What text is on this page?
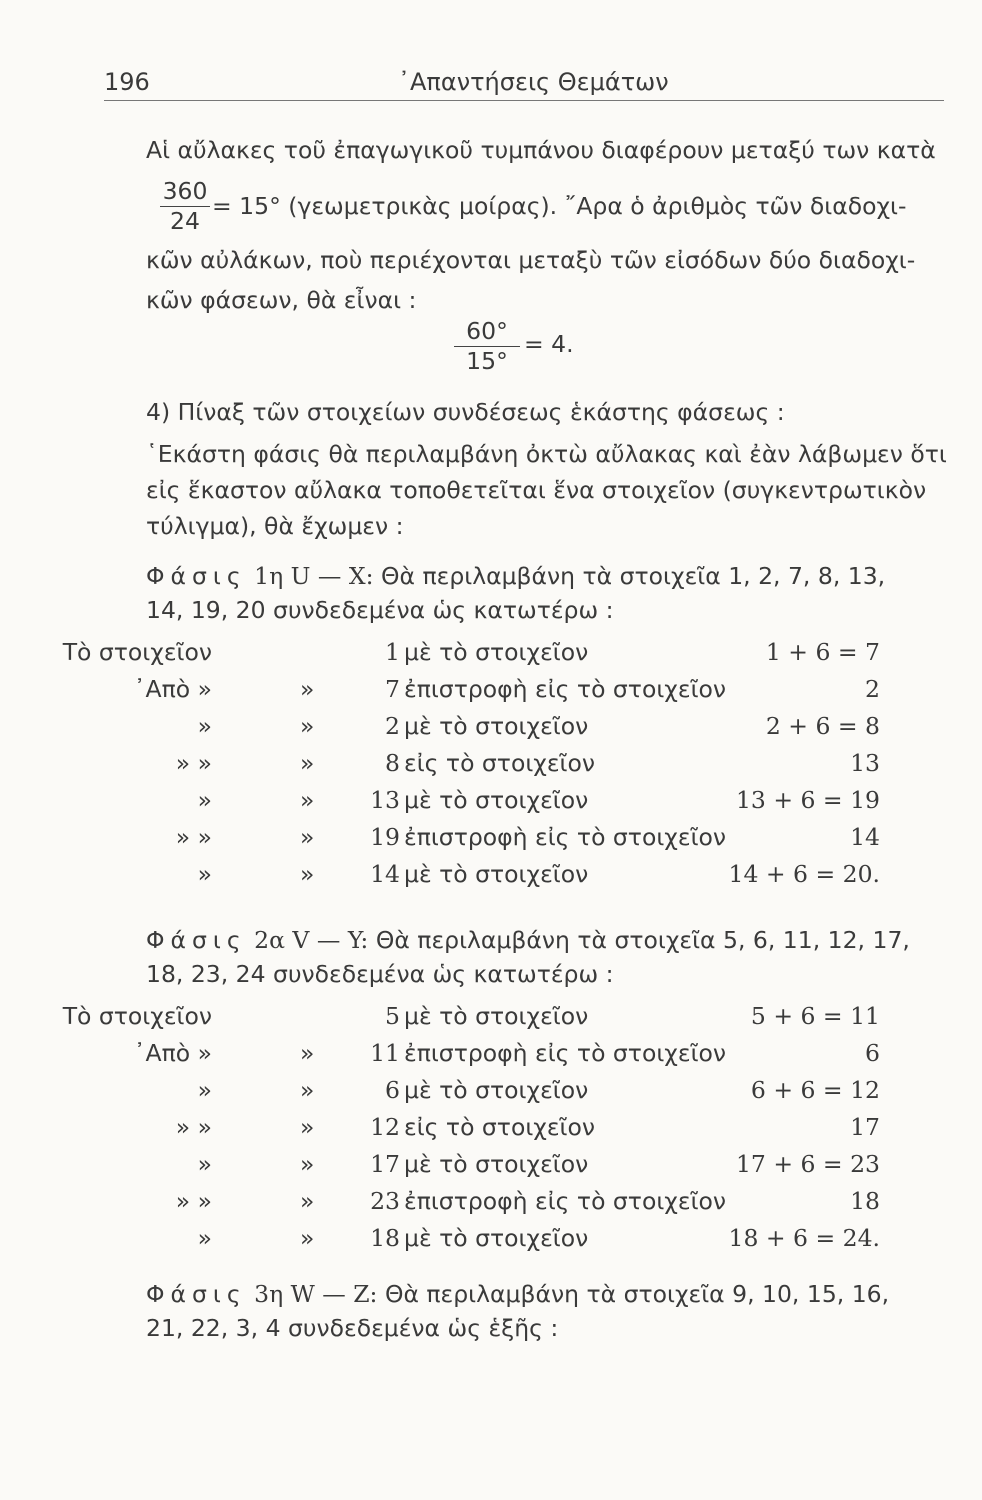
196	᾽Απαντήσεις Θεμάτων
Αἱ αὔλακες τοῦ ἐπαγωγικοῦ τυμπάνου διαφέρουν μεταξύ των κατὰ
$\frac{360}{24} = 15^\circ$ (γεωμετρικὰς μοίρας). ῎Αρα ὁ ἀριθμὸς τῶν διαδοχι-
κῶν αὐλάκων, ποὺ περιέχονται μεταξὺ τῶν εἰσόδων δύο διαδοχι-
κῶν φάσεων, θὰ εἶναι :
$\frac{60^\circ}{15^\circ} = 4$.
4) Πίναξ τῶν στοιχείων συνδέσεως ἑκάστης φάσεως :
῾Εκάστη φάσις θὰ περιλαμβάνη ὀκτὼ αὔλακας καὶ ἐὰν λάβωμεν ὅτι
εἰς ἕκαστον αὔλακα τοποθετεῖται ἕνα στοιχεῖον (συγκεντρωτικὸν
τύλιγμα), θὰ ἔχωμεν :
Φάσις 1η U — X: Θὰ περιλαμβάνη τὰ στοιχεῖα 1, 2, 7, 8, 13,
14, 19, 20 συνδεδεμένα ὡς κατωτέρω :
Τὸ στοιχεῖον	1 μὲ τὸ στοιχεῖον	1 + 6 = 7
᾽Απὸ »	»	7 ἐπιστροφὴ εἰς τὸ στοιχεῖον	2
»	»	2 μὲ τὸ στοιχεῖον	2 + 6 = 8
» »	»	8 εἰς τὸ στοιχεῖον	13
»	»	13 μὲ τὸ στοιχεῖον	13 + 6 = 19
» »	»	19 ἐπιστροφὴ εἰς τὸ στοιχεῖον	14
»	»	14 μὲ τὸ στοιχεῖον	14 + 6 = 20.
Φάσις 2α V — Y: Θὰ περιλαμβάνη τὰ στοιχεῖα 5, 6, 11, 12, 17,
18, 23, 24 συνδεδεμένα ὡς κατωτέρω :
Τὸ στοιχεῖον	5 μὲ τὸ στοιχεῖον	5 + 6 = 11
᾽Απὸ »	»	11 ἐπιστροφὴ εἰς τὸ στοιχεῖον	6
»	»	6 μὲ τὸ στοιχεῖον	6 + 6 = 12
» »	»	12 εἰς τὸ στοιχεῖον	17
»	»	17 μὲ τὸ στοιχεῖον	17 + 6 = 23
» »	»	23 ἐπιστροφὴ εἰς τὸ στοιχεῖον	18
»	»	18 μὲ τὸ στοιχεῖον	18 + 6 = 24.
Φάσις 3η W — Z: Θὰ περιλαμβάνη τὰ στοιχεῖα 9, 10, 15, 16,
21, 22, 3, 4 συνδεδεμένα ὡς ἑξῆς :
